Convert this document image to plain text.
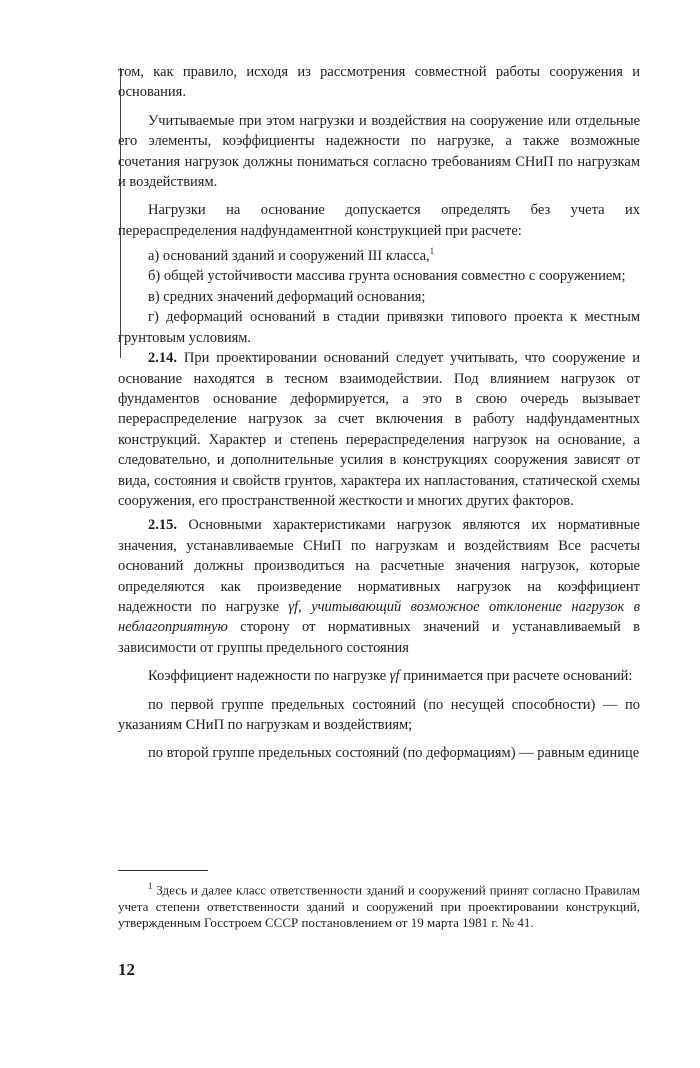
том, как правило, исходя из рассмотрения совместной работы сооружения и основания.

Учитываемые при этом нагрузки и воздействия на сооружение или отдельные его элементы, коэффициенты надежности по нагрузке, а также возможные сочетания нагрузок должны пониматься согласно требованиям СНиП по нагрузкам и воздействиям.

Нагрузки на основание допускается определять без учета их перераспределения надфундаментной конструкцией при расчете:

а) оснований зданий и сооружений III класса,$^1$

б) общей устойчивости массива грунта основания совместно с сооружением;

в) средних значений деформаций основания;

г) деформаций оснований в стадии привязки типового проекта к местным грунтовым условиям.

2.14. При проектировании оснований следует учитывать, что сооружение и основание находятся в тесном взаимодействии. Под влиянием нагрузок от фундаментов основание деформируется, а это в свою очередь вызывает перераспределение нагрузок за счет включения в работу надфундаментных конструкций. Характер и степень перераспределения нагрузок на основание, а следовательно, и дополнительные усилия в конструкциях сооружения зависят от вида, состояния и свойств грунтов, характера их напластования, статической схемы сооружения, его пространственной жесткости и многих других факторов.

2.15. Основными характеристиками нагрузок являются их нормативные значения, устанавливаемые СНиП по нагрузкам и воздействиям Все расчеты оснований должны производиться на расчетные значения нагрузок, которые определяются как произведение нормативных нагрузок на коэффициент надежности по нагрузке γf, учитывающий возможное отклонение нагрузок в неблагоприятную сторону от нормативных значений и устанавливаемый в зависимости от группы предельного состояния

Коэффициент надежности по нагрузке γf принимается при расчете оснований:

по первой группе предельных состояний (по несущей способности) — по указаниям СНиП по нагрузкам и воздействиям;

по второй группе предельных состояний (по деформациям) — равным единице

$^1$ Здесь и далее класс ответственности зданий и сооружений принят согласно Правилам учета степени ответственности зданий и сооружений при проектировании конструкций, утвержденным Госстроем СССР постановлением от 19 марта 1981 г. № 41.

12
